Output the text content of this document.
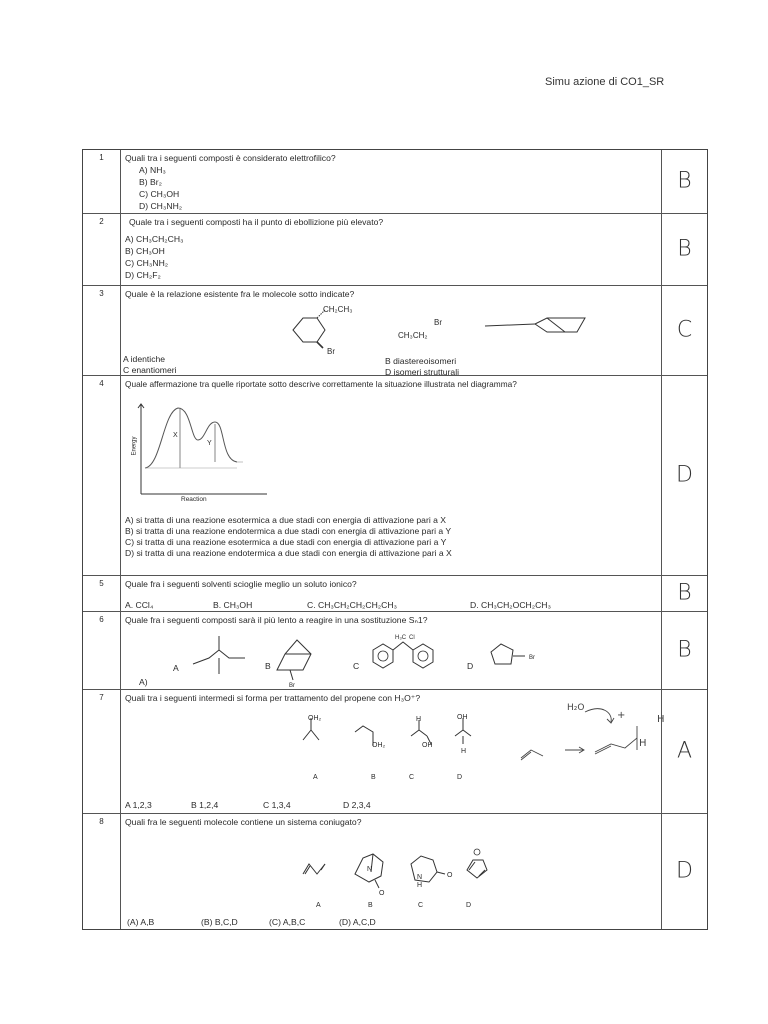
Simu azione di CO1_SR
1	Quali tra i seguenti composti è considerato elettrofilico?
A) NH₃
B) Br₂
C) CH₃OH
D) CH₃NH₂
B
2	Quale tra i seguenti composti ha il punto di ebollizione più elevato?
A) CH₃CH₂CH₃
B) CH₃OH
C) CH₃NH₂
D) CH₂F₂
B
3	Quale è la relazione esistente fra le molecole sotto indicate?
CH₂CH₃
Br
Br
CH₃CH₂
A identiche	B diastereoisomeri
C enantiomeri	D isomeri strutturali
C
4	Quale affermazione tra quelle riportate sotto descrive correttamente la situazione illustrata nel diagramma?
Energy
Reaction
X
Y
A) si tratta di una reazione esotermica a due stadi con energia di attivazione pari a X
B) si tratta di una reazione endotermica a due stadi con energia di attivazione pari a Y
C) si tratta di una reazione esotermica a due stadi con energia di attivazione pari a Y
D) si tratta di una reazione endotermica a due stadi con energia di attivazione pari a X
D
5	Quale fra i seguenti solventi scioglie meglio un soluto ionico?
A. CCl₄	B. CH₃OH	C. CH₃CH₂CH₂CH₂CH₃	D. CH₃CH₂OCH₂CH₃
B
6	Quale fra i seguenti composti sarà il più lento a reagire in una sostituzione Sₙ1?
A	B	C	D
A)	Br
H₃C Cl
Br	B
7	Quali tra i seguenti intermedi si forma per trattamento del propene con H₃O⁺?
OH₂
OH₂
H
OH
OH
H
A	B	C	D
H₂O
+	H
H
A 1,2,3	B 1,2,4	C 1,3,4	D 2,3,4
A
8	Quali fra le seguenti molecole contiene un sistema coniugato?
N
N
H
O
O
A	B	C	D
(A) A,B	(B) B,C,D	(C) A,B,C	(D) A,C,D
D
